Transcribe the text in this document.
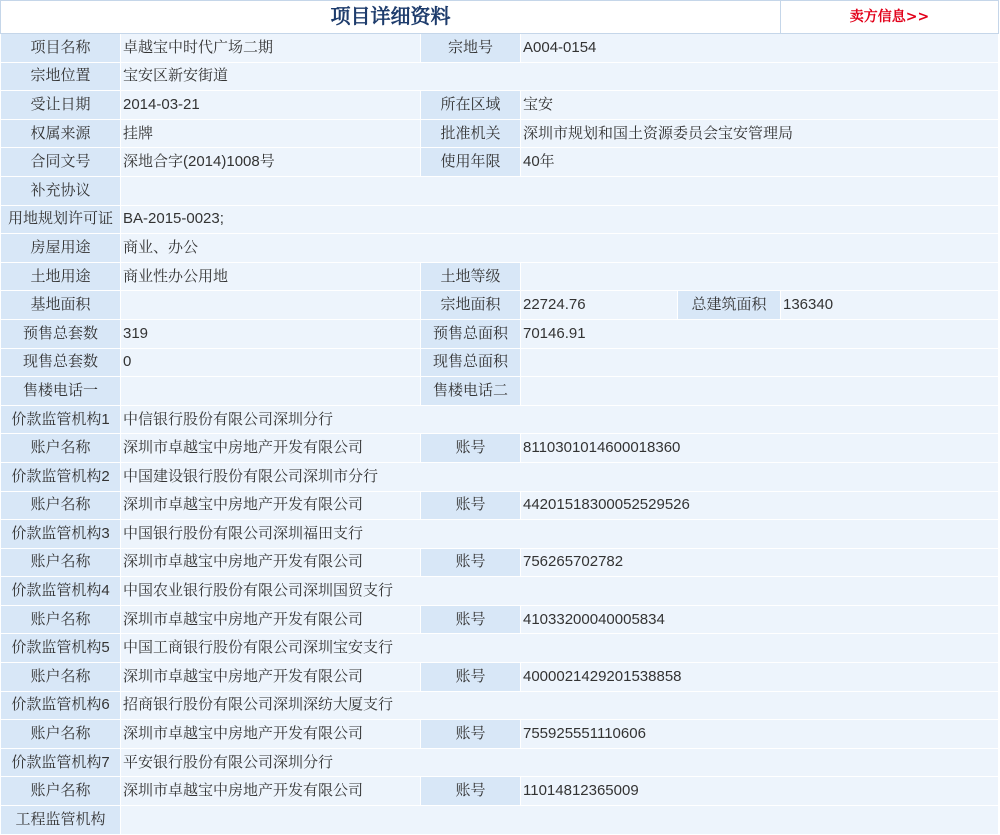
项目详细资料					卖方信息>>
项目名称	卓越宝中时代广场二期	宗地号	A004-0154		
宗地位置	宝安区新安街道				
受让日期	2014-03-21	所在区域	宝安		
权属来源	挂牌	批准机关	深圳市规划和国土资源委员会宝安管理局		
合同文号	深地合字(2014)1008号	使用年限	40年		
补充协议					
用地规划许可证	BA-2015-0023;				
房屋用途	商业、办公				
土地用途	商业性办公用地	土地等级			
基地面积		宗地面积	22724.76	总建筑面积	136340
预售总套数	319	预售总面积	70146.91		
现售总套数	0	现售总面积			
售楼电话一		售楼电话二			
价款监管机构1	中信银行股份有限公司深圳分行				
账户名称	深圳市卓越宝中房地产开发有限公司	账号	8110301014600018360		
价款监管机构2	中国建设银行股份有限公司深圳市分行				
账户名称	深圳市卓越宝中房地产开发有限公司	账号	44201518300052529526		
价款监管机构3	中国银行股份有限公司深圳福田支行				
账户名称	深圳市卓越宝中房地产开发有限公司	账号	756265702782		
价款监管机构4	中国农业银行股份有限公司深圳国贸支行				
账户名称	深圳市卓越宝中房地产开发有限公司	账号	41033200040005834		
价款监管机构5	中国工商银行股份有限公司深圳宝安支行				
账户名称	深圳市卓越宝中房地产开发有限公司	账号	4000021429201538858		
价款监管机构6	招商银行股份有限公司深圳深纺大厦支行				
账户名称	深圳市卓越宝中房地产开发有限公司	账号	755925551110606		
价款监管机构7	平安银行股份有限公司深圳分行				
账户名称	深圳市卓越宝中房地产开发有限公司	账号	11014812365009		
工程监管机构					
